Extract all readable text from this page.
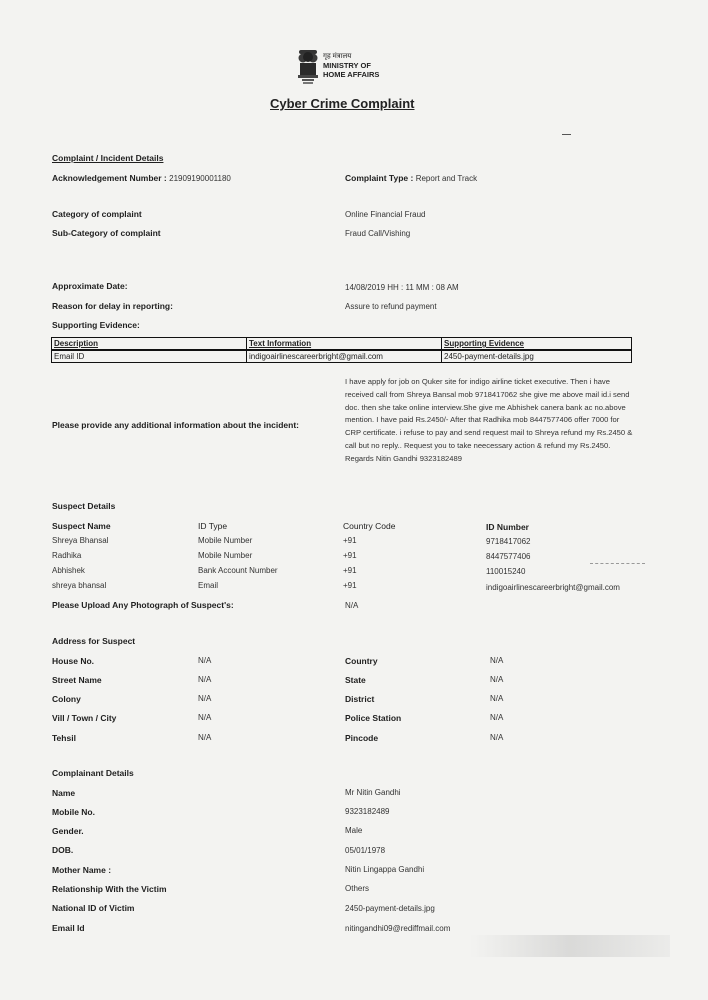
गृह मंत्रालय
MINISTRY OF
HOME AFFAIRS
Cyber Crime Complaint
Complaint / Incident Details
Acknowledgement Number : 21909190001180	Complaint Type : Report and Track
Category of complaint	Online Financial Fraud
Sub-Category of complaint	Fraud Call/Vishing
Approximate Date:	14/08/2019 HH : 11 MM : 08 AM
Reason for delay in reporting:	Assure to refund payment
Supporting Evidence:
Description	Text Information	Supporting Evidence
Email ID	indigoairlinescareerbright@gmail.com	2450-payment-details.jpg
I have apply for job on Quker site for indigo airline ticket executive. Then i have received call from Shreya Bansal mob 9718417062 she give me above mail id.i send doc. then she take online interview.She give me Abhishek canera bank ac no.above mention. I have paid Rs.2450/- After that Radhika mob 8447577406 offer 7000 for CRP certificate. i refuse to pay and send request mail to Shreya refund my Rs.2450 & call but no reply.. Request you to take neecessary action & refund my Rs.2450. Regards Nitin Gandhi 9323182489
Please provide any additional information about the incident:
Suspect Details
Suspect Name	ID Type	Country Code	ID Number
Shreya Bhansal	Mobile Number	+91	9718417062
Radhika	Mobile Number	+91	8447577406
Abhishek	Bank Account Number	+91	110015240
shreya bhansal	Email	+91	indigoairlinescareerbright@gmail.com
Please Upload Any Photograph of Suspect's:	N/A
Address for Suspect
House No.	N/A	Country	N/A
Street Name	N/A	State	N/A
Colony	N/A	District	N/A
Vill / Town / City	N/A	Police Station	N/A
Tehsil	N/A	Pincode	N/A
Complainant Details
Name	Mr Nitin Gandhi
Mobile No.	9323182489
Gender.	Male
DOB.	05/01/1978
Mother Name :	Nitin Lingappa Gandhi
Relationship With the Victim	Others
National ID of Victim	2450-payment-details.jpg
Email Id	nitingandhi09@rediffmail.com
